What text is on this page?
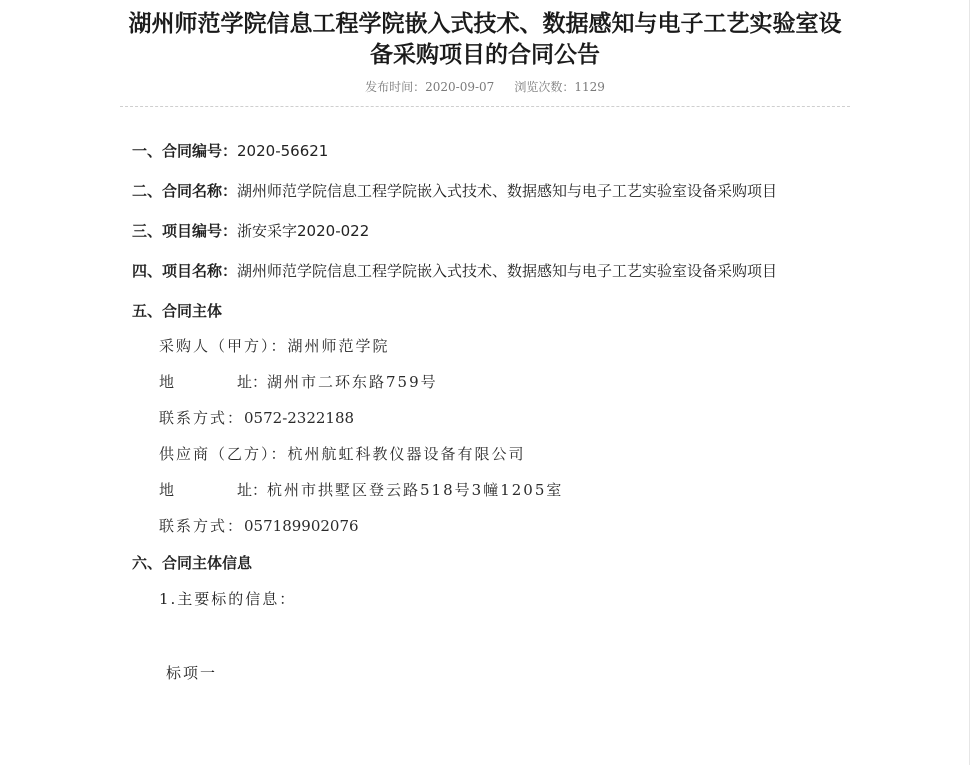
湖州师范学院信息工程学院嵌入式技术、数据感知与电子工艺实验室设备采购项目的合同公告
发布时间：2020-09-07 浏览次数：1129

一、合同编号：2020-56621

二、合同名称：湖州师范学院信息工程学院嵌入式技术、数据感知与电子工艺实验室设备采购项目

三、项目编号：浙安采字2020-022

四、项目名称：湖州师范学院信息工程学院嵌入式技术、数据感知与电子工艺实验室设备采购项目

五、合同主体

采购人（甲方）：湖州师范学院

地	址：湖州市二环东路759号

联系方式：0572-2322188

供应商（乙方）：杭州航虹科教仪器设备有限公司

地	址：杭州市拱墅区登云路518号3幢1205室

联系方式：057189902076

六、合同主体信息

1.主要标的信息：

标项一
